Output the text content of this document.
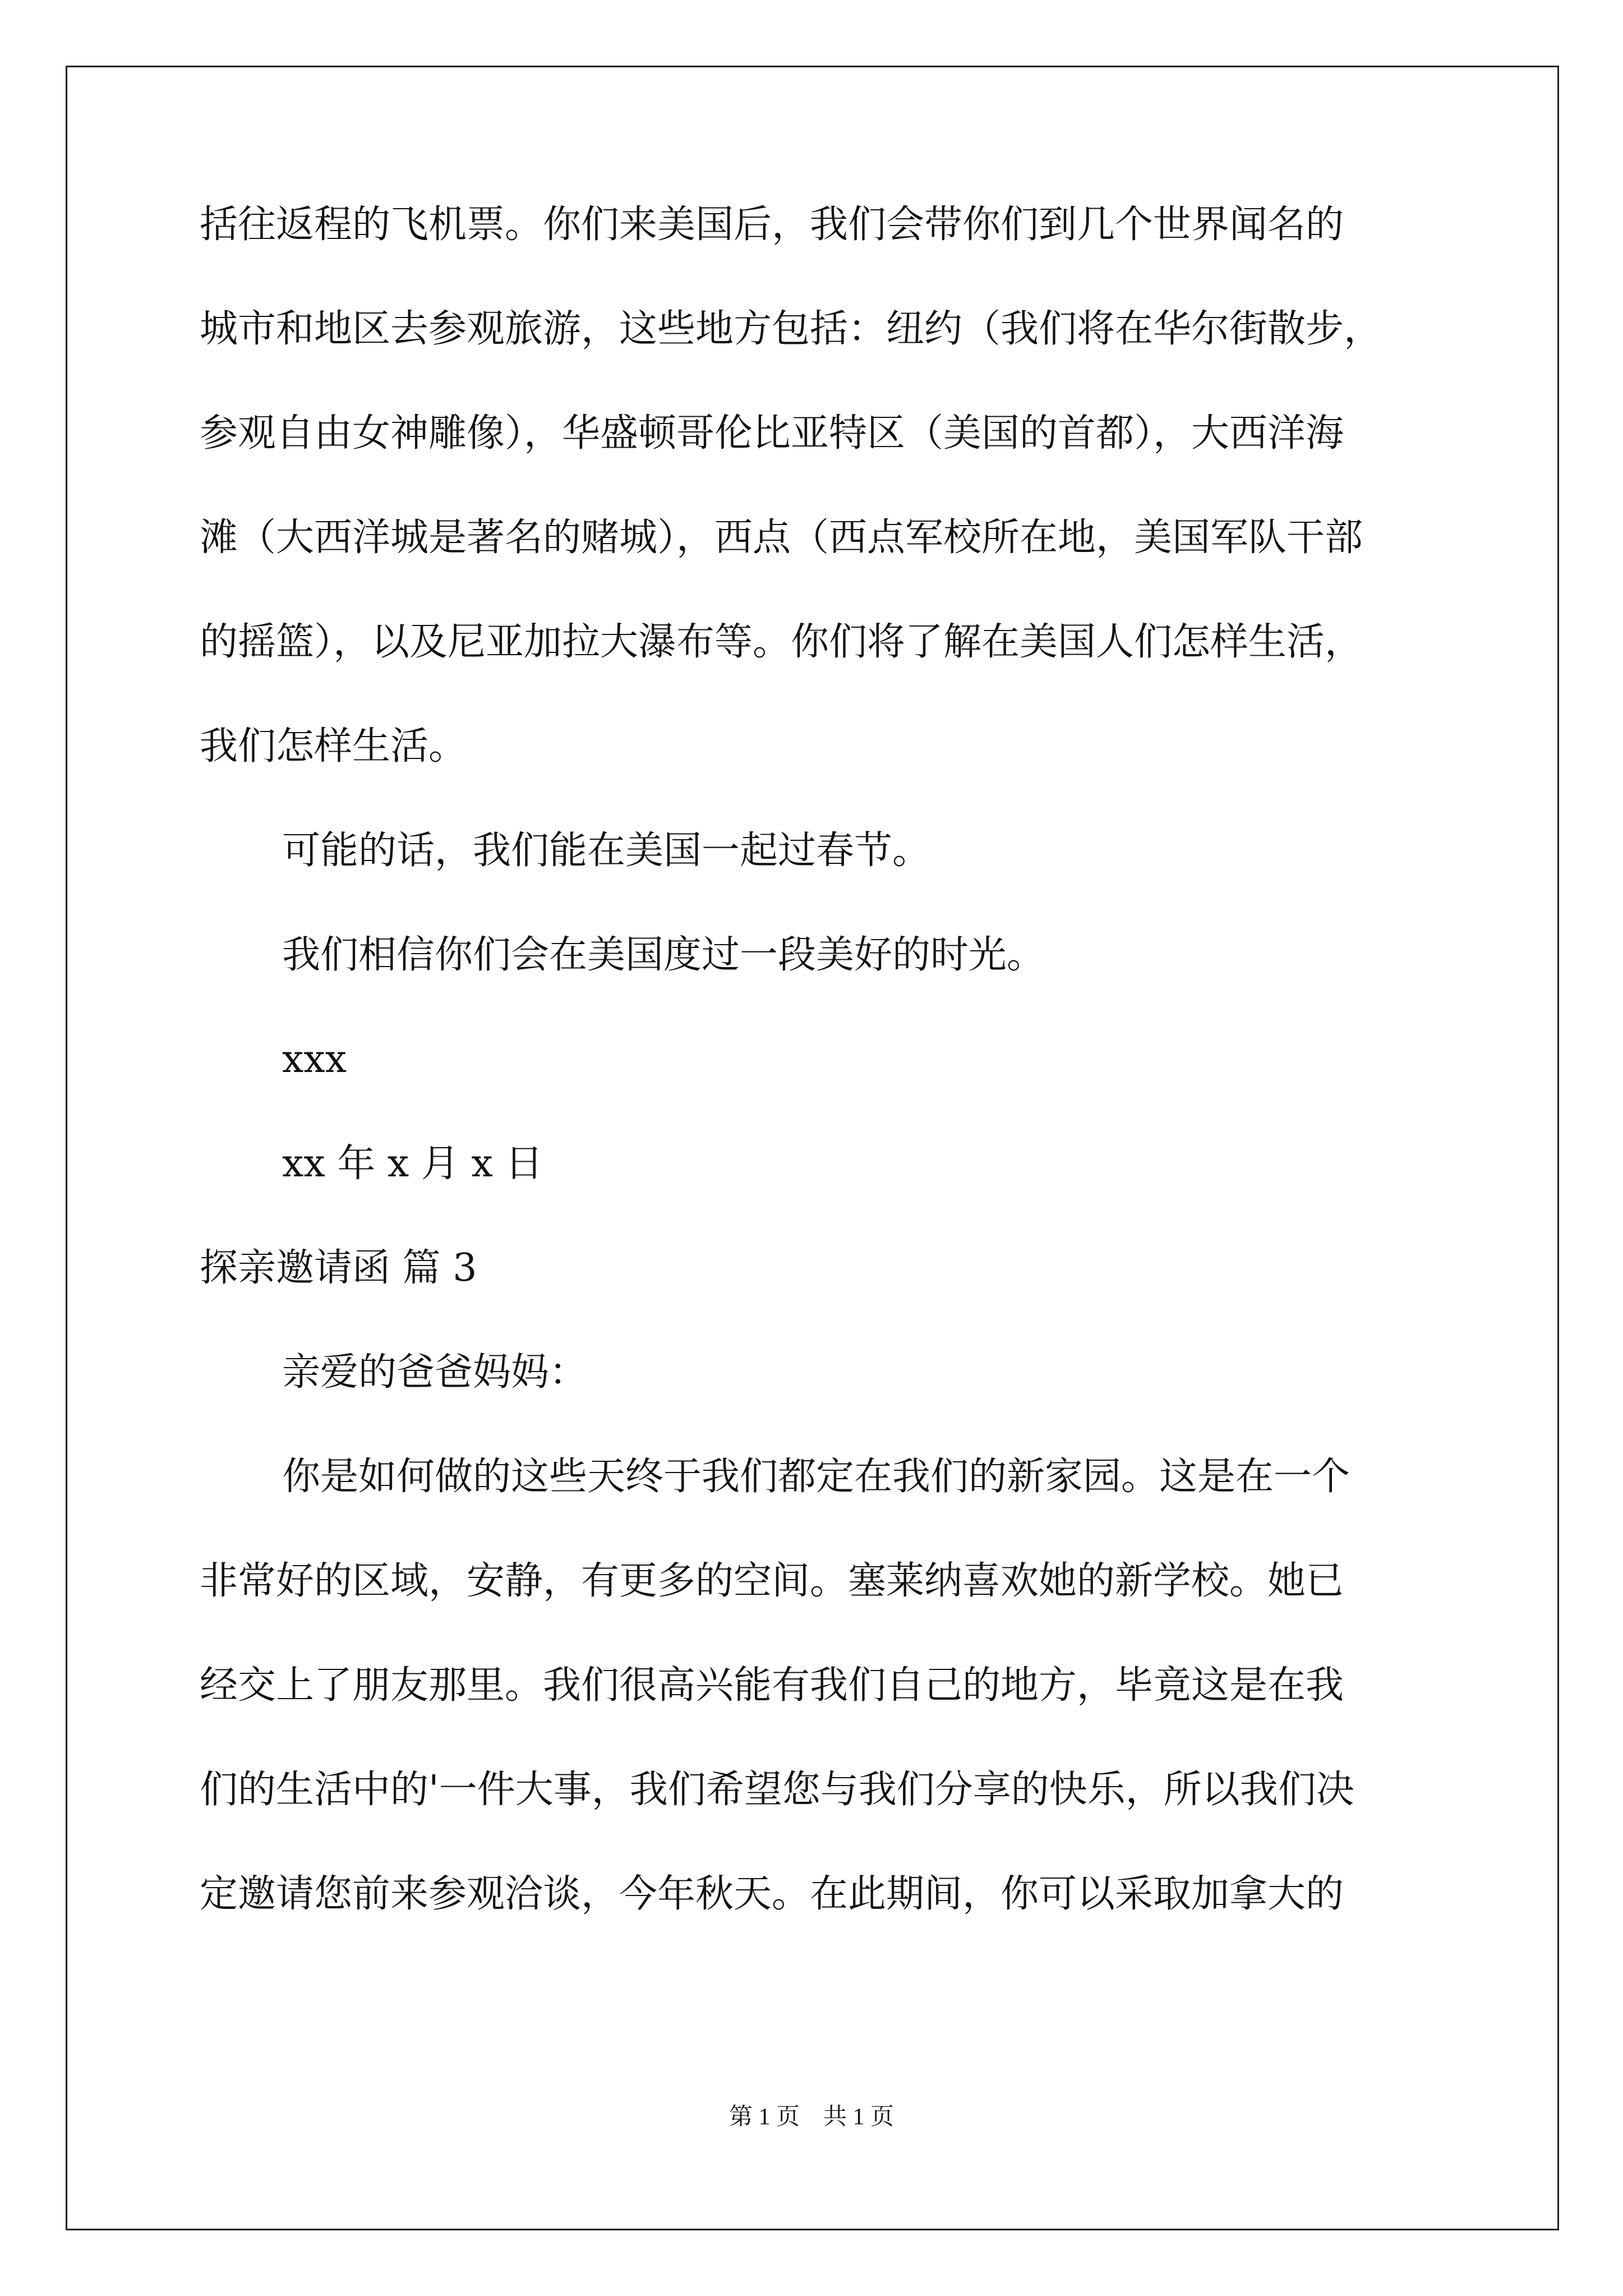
括往返程的飞机票。你们来美国后，我们会带你们到几个世界闻名的
城市和地区去参观旅游，这些地方包括：纽约（我们将在华尔街散步，
参观自由女神雕像），华盛顿哥伦比亚特区（美国的首都），大西洋海
滩（大西洋城是著名的赌城），西点（西点军校所在地，美国军队干部
的摇篮），以及尼亚加拉大瀑布等。你们将了解在美国人们怎样生活，
我们怎样生活。
可能的话，我们能在美国一起过春节。
我们相信你们会在美国度过一段美好的时光。
xxx
xx 年 x 月 x 日
探亲邀请函 篇 3
亲爱的爸爸妈妈：
你是如何做的这些天终于我们都定在我们的新家园。这是在一个
非常好的区域，安静，有更多的空间。塞莱纳喜欢她的新学校。她已
经交上了朋友那里。我们很高兴能有我们自己的地方，毕竟这是在我
们的生活中的'一件大事，我们希望您与我们分享的快乐，所以我们决
定邀请您前来参观洽谈，今年秋天。在此期间，你可以采取加拿大的
第 1 页　共 1 页
